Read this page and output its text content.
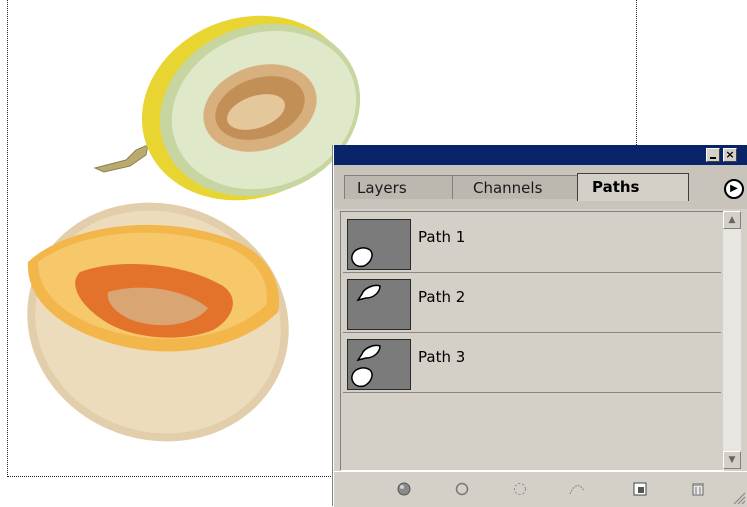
×
Layers	Channels	Paths	▶
Path 1
Path 2
Path 3
▲
▼
